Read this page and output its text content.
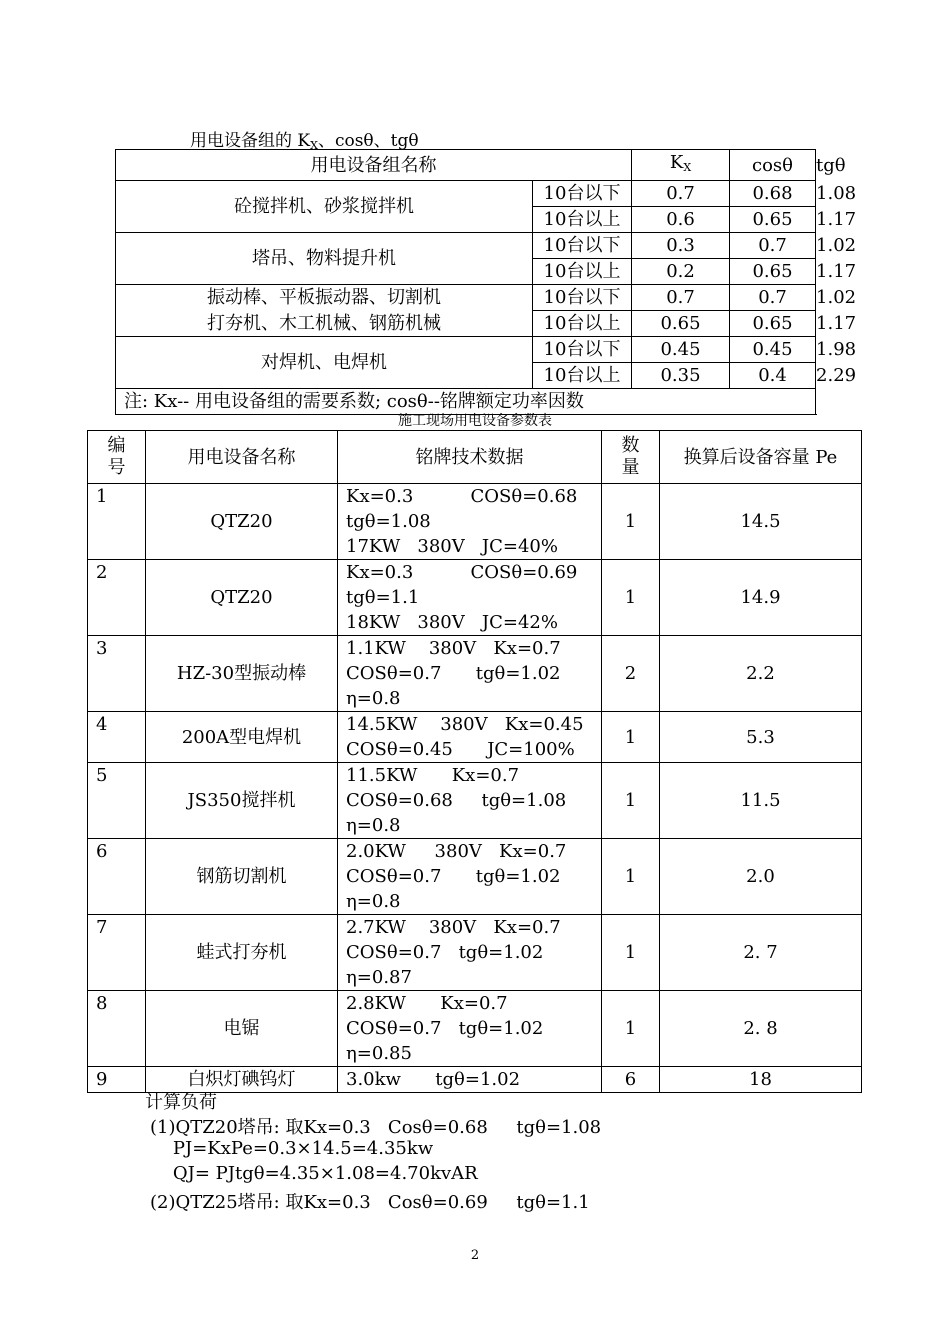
用电设备组的 $K_X$、cosθ、tgθ
用电设备组名称		KX	cosθ	tgθ
砼搅拌机、砂浆搅拌机	10台以下	0.7	0.68	1.08
	10台以上	0.6	0.65	1.17
塔吊、物料提升机	10台以下	0.3	0.7	1.02
	10台以上	0.2	0.65	1.17
振动棒、平板振动器、切割机	10台以下	0.7	0.7	1.02
打夯机、木工机械、钢筋机械	10台以上	0.65	0.65	1.17
对焊机、电焊机	10台以下	0.45	0.45	1.98
	10台以上	0.35	0.4	2.29
注: Kx-- 用电设备组的需要系数; cosθ--铭牌额定功率因数				
施工现场用电设备参数表
编号	用电设备名称	铭牌技术数据	数量	换算后设备容量 Pe
1	QTZ20	Kx=0.3          COSθ=0.68
tgθ=1.08
17KW   380V   JC=40%	1	14.5
2	QTZ20	Kx=0.3          COSθ=0.69
tgθ=1.1
18KW   380V   JC=42%	1	14.9
3	HZ-30型振动棒	1.1KW    380V   Kx=0.7
COSθ=0.7      tgθ=1.02
η=0.8	2	2.2
4	200A型电焊机	14.5KW    380V   Kx=0.45
COSθ=0.45      JC=100%	1	5.3
5	JS350搅拌机	11.5KW      Kx=0.7
COSθ=0.68     tgθ=1.08
η=0.8	1	11.5
6	钢筋切割机	2.0KW     380V   Kx=0.7
COSθ=0.7      tgθ=1.02
η=0.8	1	2.0
7	蛙式打夯机	2.7KW    380V   Kx=0.7
COSθ=0.7   tgθ=1.02
η=0.87	1	2. 7
8	电锯	2.8KW      Kx=0.7
COSθ=0.7   tgθ=1.02
η=0.85	1	2. 8
9	白炽灯碘钨灯	3.0kw      tgθ=1.02	6	18
计算负荷
(1)QTZ20塔吊: 取Kx=0.3   Cosθ=0.68     tgθ=1.08
PJ=KxPe=0.3×14.5=4.35kw
QJ= PJtgθ=4.35×1.08=4.70kvAR
(2)QTZ25塔吊: 取Kx=0.3   Cosθ=0.69     tgθ=1.1
2
